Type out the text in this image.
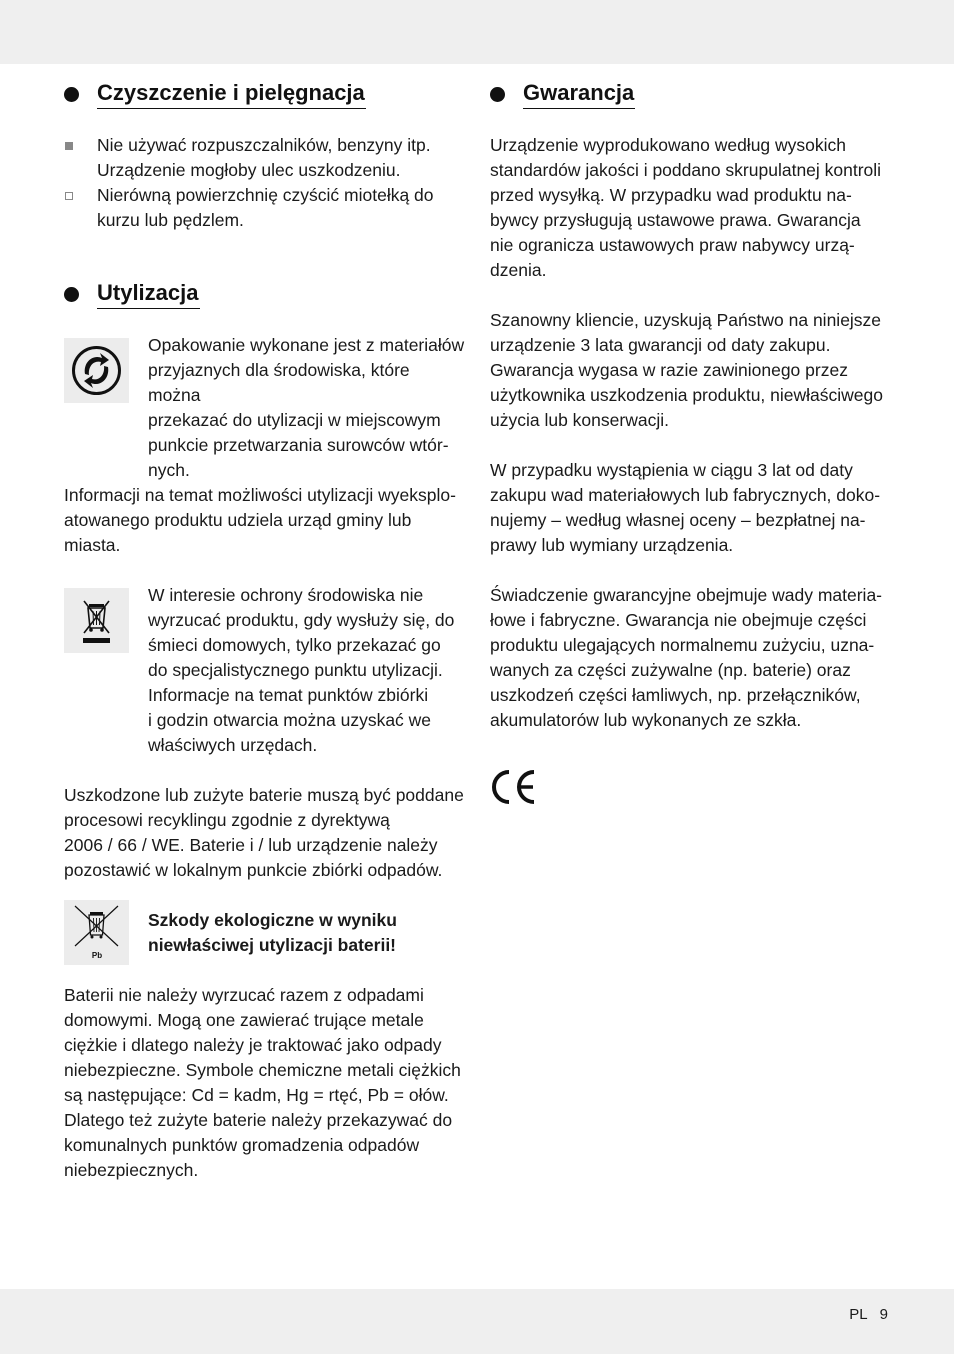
Czyszczenie i pielęgnacja
Nie używać rozpuszczalników, benzyny itp.
Urządzenie mogłoby ulec uszkodzeniu.
Nierówną powierzchnię czyścić miotełką do
kurzu lub pędzlem.
Utylizacja
Opakowanie wykonane jest z materiałów
przyjaznych dla środowiska, które można
przekazać do utylizacji w miejscowym
punkcie przetwarzania surowców wtór-
nych.
Informacji na temat możliwości utylizacji wyeksplo-
atowanego produktu udziela urząd gminy lub
miasta.
W interesie ochrony środowiska nie
wyrzucać produktu, gdy wysłuży się, do
śmieci domowych, tylko przekazać go
do specjalistycznego punktu utylizacji.
Informacje na temat punktów zbiórki
i godzin otwarcia można uzyskać we
właściwych urzędach.
Uszkodzone lub zużyte baterie muszą być poddane
procesowi recyklingu zgodnie z dyrektywą
2006 / 66 / WE. Baterie i / lub urządzenie należy
pozostawić w lokalnym punkcie zbiórki odpadów.
Pb
Szkody ekologiczne w wyniku
niewłaściwej utylizacji baterii!
Baterii nie należy wyrzucać razem z odpadami
domowymi. Mogą one zawierać trujące metale
ciężkie i dlatego należy je traktować jako odpady
niebezpieczne. Symbole chemiczne metali ciężkich
są następujące: Cd = kadm, Hg = rtęć, Pb = ołów.
Dlatego też zużyte baterie należy przekazywać do
komunalnych punktów gromadzenia odpadów
niebezpiecznych.
Gwarancja
Urządzenie wyprodukowano według wysokich
standardów jakości i poddano skrupulatnej kontroli
przed wysyłką. W przypadku wad produktu na-
bywcy przysługują ustawowe prawa. Gwarancja
nie ogranicza ustawowych praw nabywcy urzą-
dzenia.
Szanowny kliencie, uzyskują Państwo na niniejsze
urządzenie 3 lata gwarancji od daty zakupu.
Gwarancja wygasa w razie zawinionego przez
użytkownika uszkodzenia produktu, niewłaściwego
użycia lub konserwacji.
W przypadku wystąpienia w ciągu 3 lat od daty
zakupu wad materiałowych lub fabrycznych, doko-
nujemy – według własnej oceny – bezpłatnej na-
prawy lub wymiany urządzenia.
Świadczenie gwarancyjne obejmuje wady materia-
łowe i fabryczne. Gwarancja nie obejmuje części
produktu ulegających normalnemu zużyciu, uzna-
wanych za części zużywalne (np. baterie) oraz
uszkodzeń części łamliwych, np. przełączników,
akumulatorów lub wykonanych ze szkła.
PL 9
